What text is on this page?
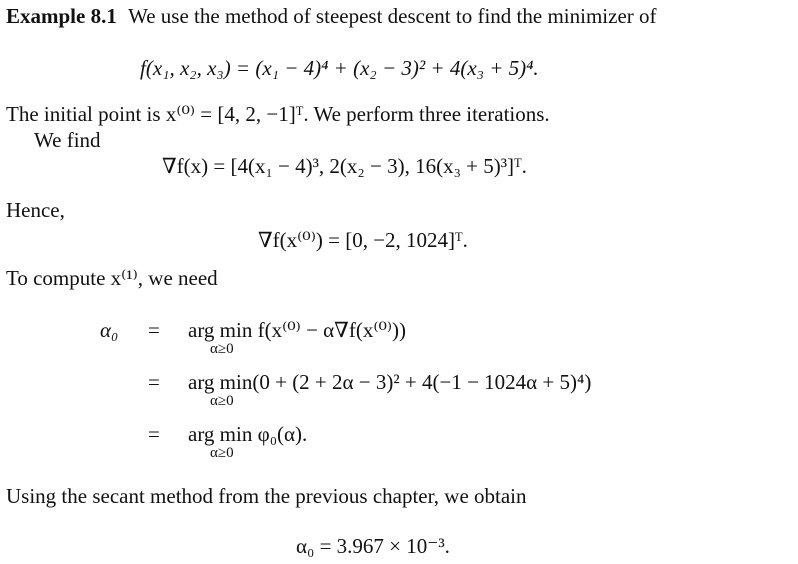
Example 8.1 We use the method of steepest descent to find the minimizer of
f(x₁, x₂, x₃) = (x₁ − 4)⁴ + (x₂ − 3)² + 4(x₃ + 5)⁴.
The initial point is x⁽⁰⁾ = [4, 2, −1]ᵀ. We perform three iterations.
We find
∇f(x) = [4(x₁ − 4)³, 2(x₂ − 3), 16(x₃ + 5)³]ᵀ.
Hence,
∇f(x⁽⁰⁾) = [0, −2, 1024]ᵀ.
To compute x⁽¹⁾, we need
α₀ = arg min f(x⁽⁰⁾ − α∇f(x⁽⁰⁾))
α≥0
= arg min(0 + (2 + 2α − 3)² + 4(−1 − 1024α + 5)⁴)
α≥0
= arg min φ₀(α).
α≥0
Using the secant method from the previous chapter, we obtain
α₀ = 3.967 × 10⁻³.
